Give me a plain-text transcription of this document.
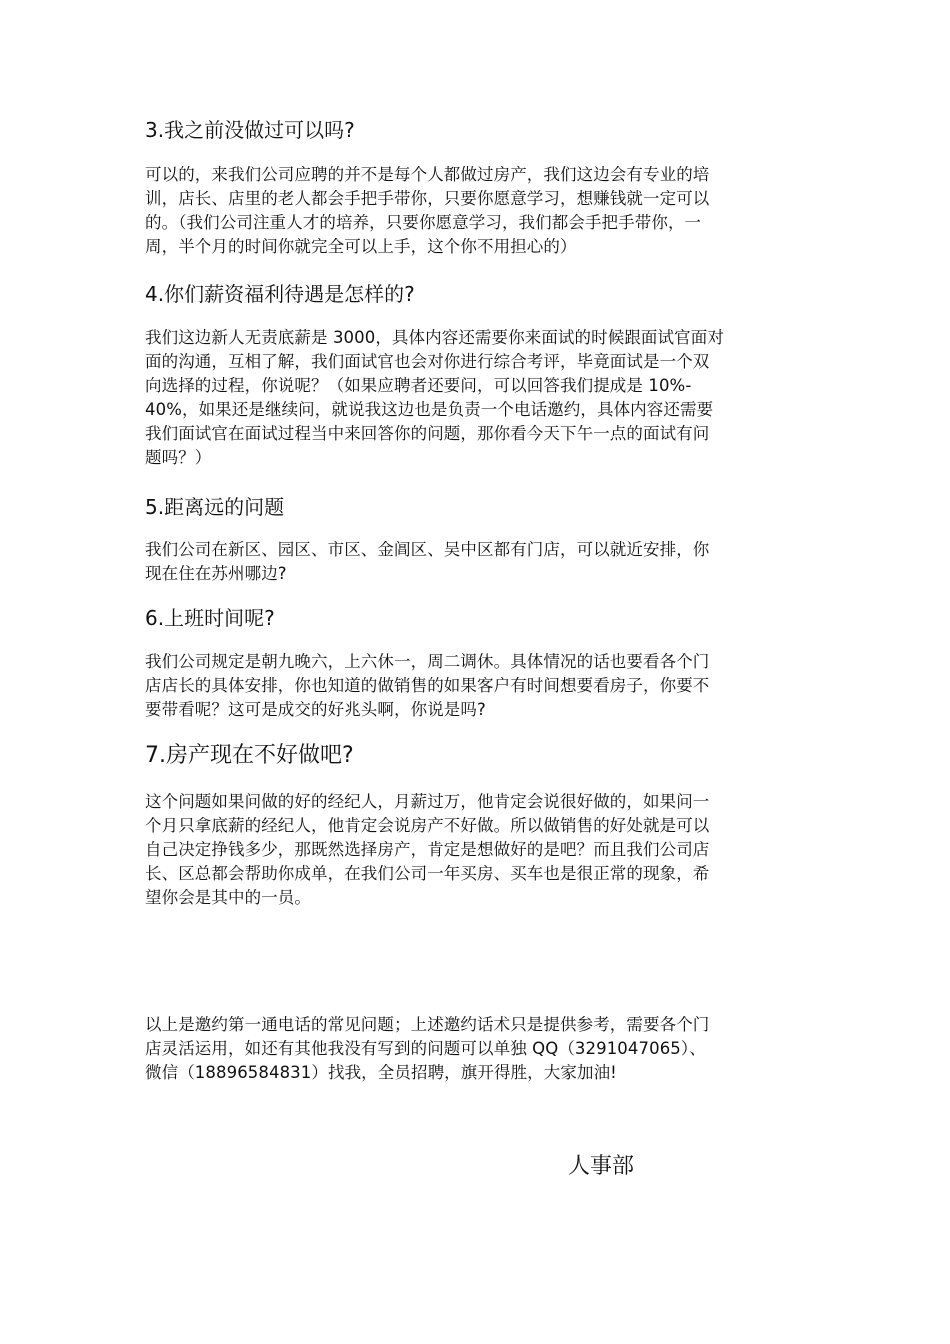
3.我之前没做过可以吗?
可以的，来我们公司应聘的并不是每个人都做过房产，我们这边会有专业的培
训，店长、店里的老人都会手把手带你，只要你愿意学习，想赚钱就一定可以
的。（我们公司注重人才的培养，只要你愿意学习，我们都会手把手带你，一
周，半个月的时间你就完全可以上手，这个你不用担心的）
4.你们薪资福利待遇是怎样的?
我们这边新人无责底薪是 3000，具体内容还需要你来面试的时候跟面试官面对
面的沟通，互相了解，我们面试官也会对你进行综合考评，毕竟面试是一个双
向选择的过程，你说呢？（如果应聘者还要问，可以回答我们提成是 10%-
40%，如果还是继续问，就说我这边也是负责一个电话邀约，具体内容还需要
我们面试官在面试过程当中来回答你的问题，那你看今天下午一点的面试有问
题吗？）
5.距离远的问题
我们公司在新区、园区、市区、金阊区、吴中区都有门店，可以就近安排，你
现在住在苏州哪边?
6.上班时间呢?
我们公司规定是朝九晚六，上六休一，周二调休。具体情况的话也要看各个门
店店长的具体安排，你也知道的做销售的如果客户有时间想要看房子，你要不
要带看呢？这可是成交的好兆头啊，你说是吗?
7.房产现在不好做吧?
这个问题如果问做的好的经纪人，月薪过万，他肯定会说很好做的，如果问一
个月只拿底薪的经纪人，他肯定会说房产不好做。所以做销售的好处就是可以
自己决定挣钱多少，那既然选择房产，肯定是想做好的是吧？而且我们公司店
长、区总都会帮助你成单，在我们公司一年买房、买车也是很正常的现象，希
望你会是其中的一员。
以上是邀约第一通电话的常见问题；上述邀约话术只是提供参考，需要各个门
店灵活运用，如还有其他我没有写到的问题可以单独 QQ（3291047065）、
微信（18896584831）找我，全员招聘，旗开得胜，大家加油!
人事部
